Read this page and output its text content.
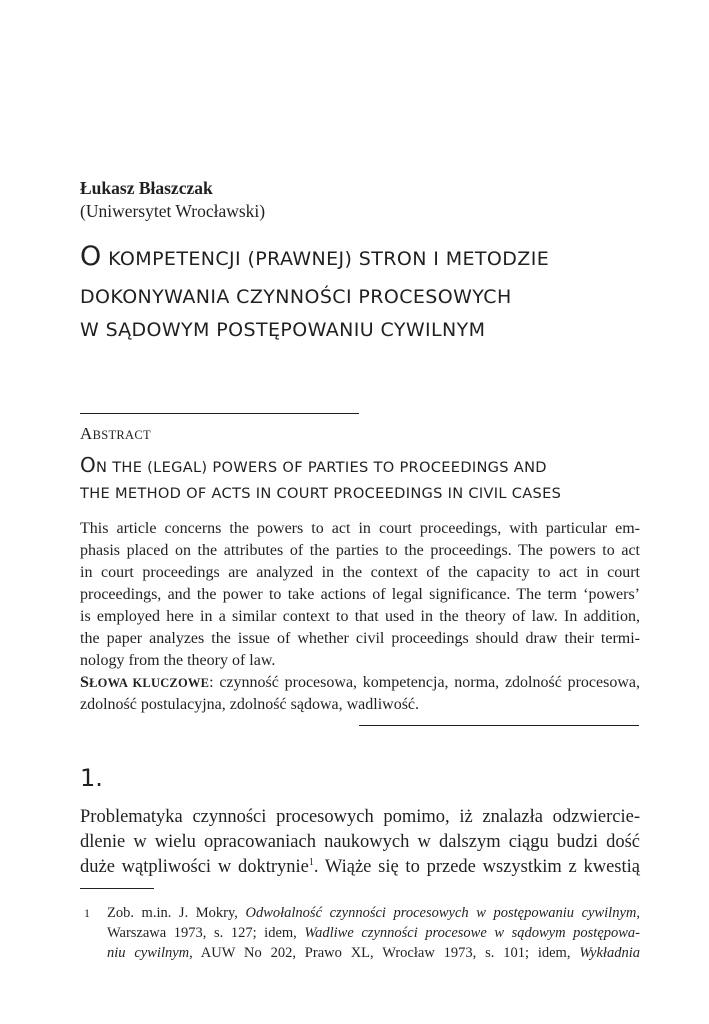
Łukasz Błaszczak
(Uniwersytet Wrocławski)
O KOMPETENCJI (PRAWNEJ) STRON I METODZIE
DOKONYWANIA CZYNNOŚCI PROCESOWYCH
W SĄDOWYM POSTĘPOWANIU CYWILNYM
ABSTRACT
ON THE (LEGAL) POWERS OF PARTIES TO PROCEEDINGS AND
THE METHOD OF ACTS IN COURT PROCEEDINGS IN CIVIL CASES
This article concerns the powers to act in court proceedings, with particular em-
phasis placed on the attributes of the parties to the proceedings. The powers to act
in court proceedings are analyzed in the context of the capacity to act in court
proceedings, and the power to take actions of legal significance. The term ‘powers’
is employed here in a similar context to that used in the theory of law. In addition,
the paper analyzes the issue of whether civil proceedings should draw their termi-
nology from the theory of law.
SŁOWA KLUCZOWE: czynność procesowa, kompetencja, norma, zdolność procesowa,
zdolność postulacyjna, zdolność sądowa, wadliwość.
1.
Problematyka czynności procesowych pomimo, iż znalazła odzwiercie-
dlenie w wielu opracowaniach naukowych w dalszym ciągu budzi dość
duże wątpliwości w doktrynie$^1$. Wiąże się to przede wszystkim z kwestią
1 Zob. m.in. J. Mokry, Odwołalność czynności procesowych w postępowaniu cywilnym,
Warszawa 1973, s. 127; idem, Wadliwe czynności procesowe w sądowym postępowa-
niu cywilnym, AUW No 202, Prawo XL, Wrocław 1973, s. 101; idem, Wykładnia
